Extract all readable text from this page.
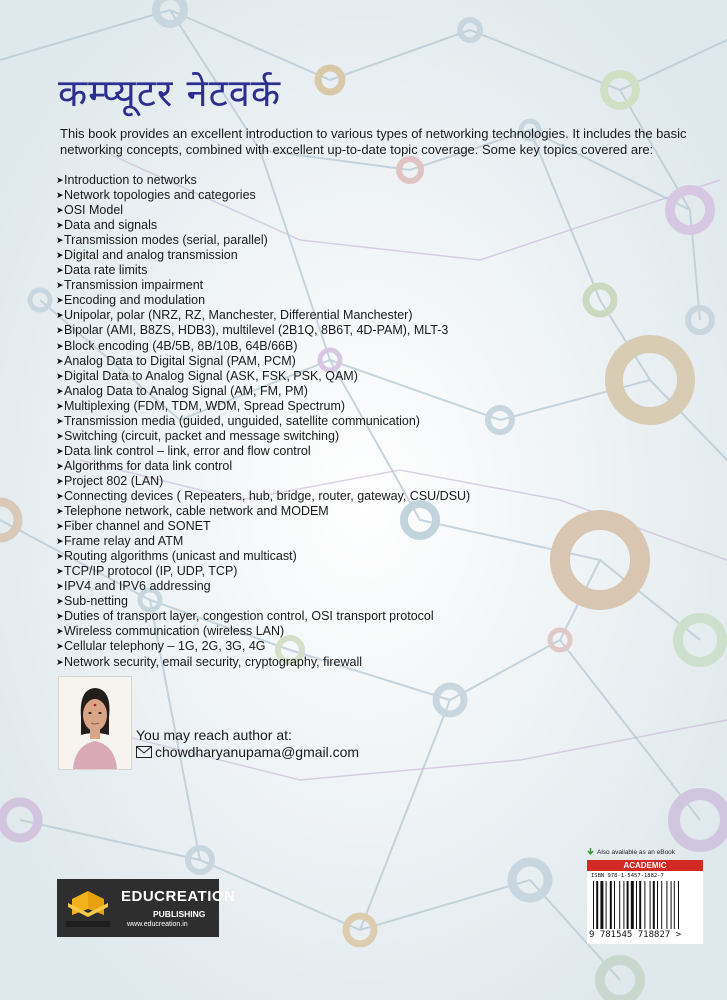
कम्प्यूटर नेटवर्क
This book provides an excellent introduction to various types of networking technologies. It includes the basic networking concepts, combined with excellent up-to-date topic coverage. Some key topics covered are:
➤ Introduction to networks
➤ Network topologies and categories
➤ OSI Model
➤ Data and signals
➤ Transmission modes (serial, parallel)
➤ Digital and analog transmission
➤ Data rate limits
➤ Transmission impairment
➤ Encoding and modulation
➤ Unipolar, polar (NRZ, RZ, Manchester, Differential Manchester)
➤ Bipolar (AMI, B8ZS, HDB3), multilevel (2B1Q, 8B6T, 4D-PAM), MLT-3
➤ Block encoding (4B/5B, 8B/10B, 64B/66B)
➤ Analog Data to Digital Signal (PAM, PCM)
➤ Digital Data to Analog Signal (ASK, FSK, PSK, QAM)
➤ Analog Data to Analog Signal (AM, FM, PM)
➤ Multiplexing (FDM, TDM, WDM, Spread Spectrum)
➤ Transmission media (guided, unguided, satellite communication)
➤ Switching (circuit, packet and message switching)
➤ Data link control – link, error and flow control
➤ Algorithms for data link control
➤ Project 802 (LAN)
➤ Connecting devices ( Repeaters, hub, bridge, router, gateway, CSU/DSU)
➤ Telephone network, cable network and MODEM
➤ Fiber channel and SONET
➤ Frame relay and ATM
➤ Routing algorithms (unicast and multicast)
➤ TCP/IP protocol (IP, UDP, TCP)
➤ IPV4 and IPV6 addressing
➤ Sub-netting
➤ Duties of transport layer, congestion control, OSI transport protocol
➤ Wireless communication (wireless LAN)
➤ Cellular telephony – 1G, 2G, 3G, 4G
➤ Network security, email security, cryptography, firewall
You may reach author at:
chowdharyanupama@gmail.com
EDUCREATION
PUBLISHING
www.educreation.in
Also available as an eBook
ACADEMIC
ISBN 978-1-5457-1882-7
9 781545 718827 >
